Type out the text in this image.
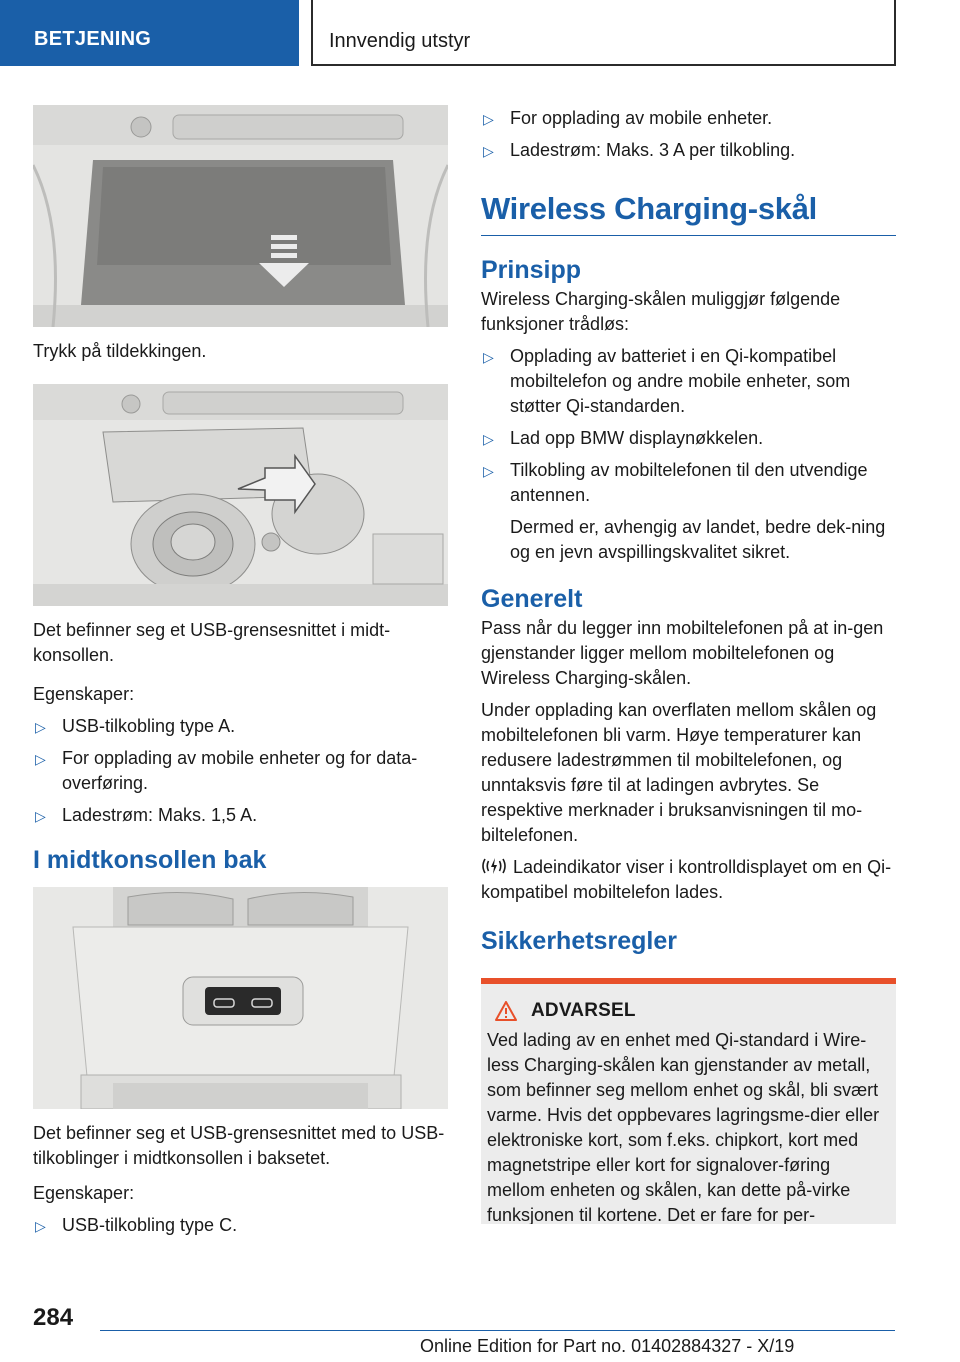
BETJENING	Innvendig utstyr

Trykk på tildekkingen.

Det befinner seg et USB-grensesnittet i midt-konsollen.

Egenskaper:

▷ USB-tilkobling type A.
▷ For opplading av mobile enheter og for data-overføring.
▷ Ladestrøm: Maks. 1,5 A.
I midtkonsollen bak

Det befinner seg et USB-grensesnittet med to USB-tilkoblinger i midtkonsollen i baksetet.

Egenskaper:

▷ USB-tilkobling type C.
▷ For opplading av mobile enheter.
▷ Ladestrøm: Maks. 3 A per tilkobling.
Wireless Charging-skål
Prinsipp

Wireless Charging-skålen muliggjør følgende funksjoner trådløs:

▷ Opplading av batteriet i en Qi-kompatibel mobiltelefon og andre mobile enheter, som støtter Qi-standarden.
▷ Lad opp BMW displaynøkkelen.
▷ Tilkobling av mobiltelefonen til den utvendige antennen.
Dermed er, avhengig av landet, bedre dek-ning og en jevn avspillingskvalitet sikret.
Generelt

Pass når du legger inn mobiltelefonen på at in-gen gjenstander ligger mellom mobiltelefonen og Wireless Charging-skålen.

Under opplading kan overflaten mellom skålen og mobiltelefonen bli varm. Høye temperaturer kan redusere ladestrømmen til mobiltelefonen, og unntaksvis føre til at ladingen avbrytes. Se respektive merknader i bruksanvisningen til mo-biltelefonen.

Ladeindikator viser i kontrolldisplayet om en Qi-kompatibel mobiltelefon lades.

Sikkerhetsregler
ADVARSEL

Ved lading av en enhet med Qi-standard i Wire-less Charging-skålen kan gjenstander av metall, som befinner seg mellom enhet og skål, bli svært varme. Hvis det oppbevares lagringsme-dier eller elektroniske kort, som f.eks. chipkort, kort med magnetstripe eller kort for signalover-føring mellom enheten og skålen, kan dette på-virke funksjonen til kortene. Det er fare for per-

284
Online Edition for Part no. 01402884327 - X/19
